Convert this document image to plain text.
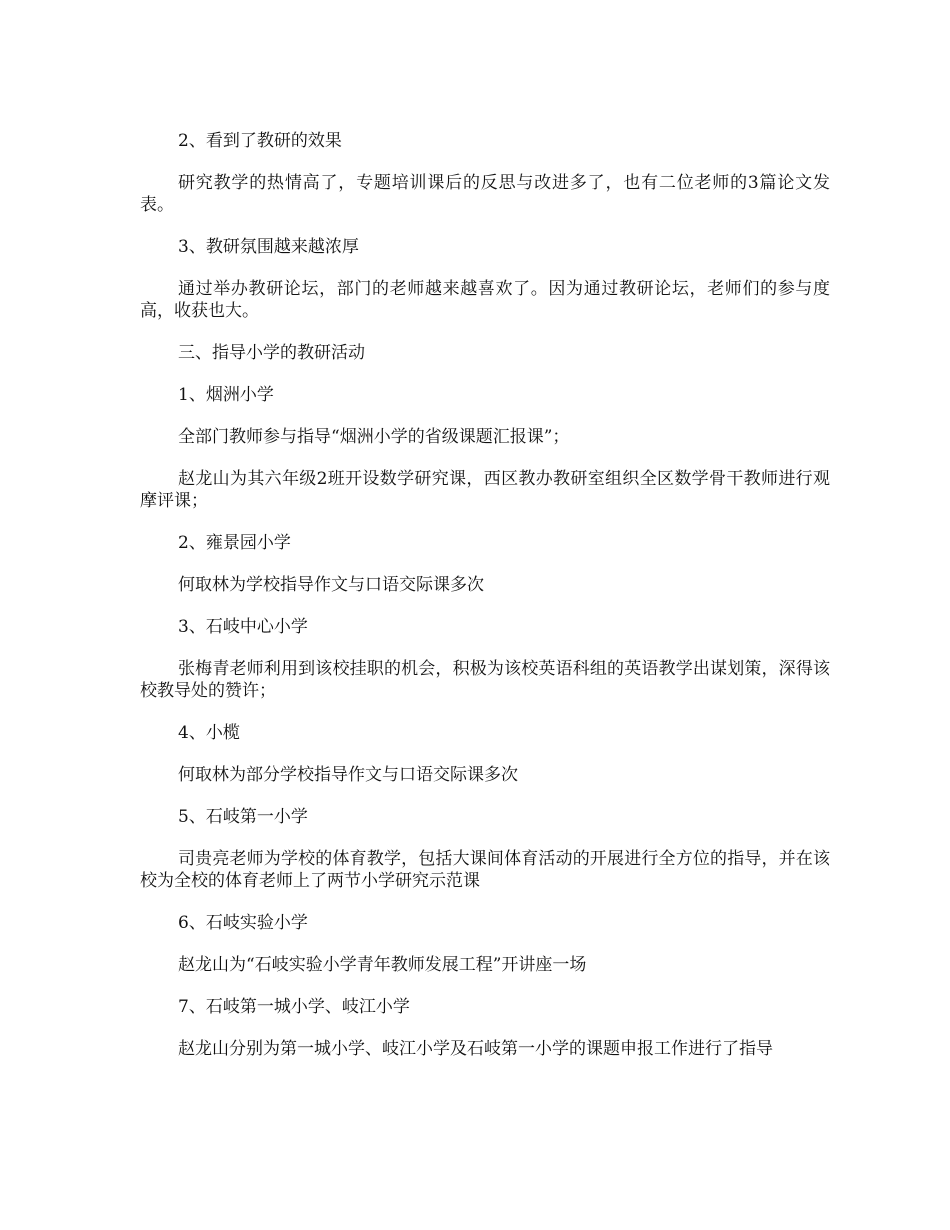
2、看到了教研的效果

研究教学的热情高了，专题培训课后的反思与改进多了，也有二位老师的3篇论文发表。

3、教研氛围越来越浓厚

通过举办教研论坛，部门的老师越来越喜欢了。因为通过教研论坛，老师们的参与度高，收获也大。

三、指导小学的教研活动

1、烟洲小学

全部门教师参与指导“烟洲小学的省级课题汇报课”；

赵龙山为其六年级2班开设数学研究课，西区教办教研室组织全区数学骨干教师进行观摩评课；

2、雍景园小学

何取林为学校指导作文与口语交际课多次

3、石岐中心小学

张梅青老师利用到该校挂职的机会，积极为该校英语科组的英语教学出谋划策，深得该校教导处的赞许；

4、小榄

何取林为部分学校指导作文与口语交际课多次

5、石岐第一小学

司贵亮老师为学校的体育教学，包括大课间体育活动的开展进行全方位的指导，并在该校为全校的体育老师上了两节小学研究示范课

6、石岐实验小学

赵龙山为“石岐实验小学青年教师发展工程”开讲座一场

7、石岐第一城小学、岐江小学

赵龙山分别为第一城小学、岐江小学及石岐第一小学的课题申报工作进行了指导
